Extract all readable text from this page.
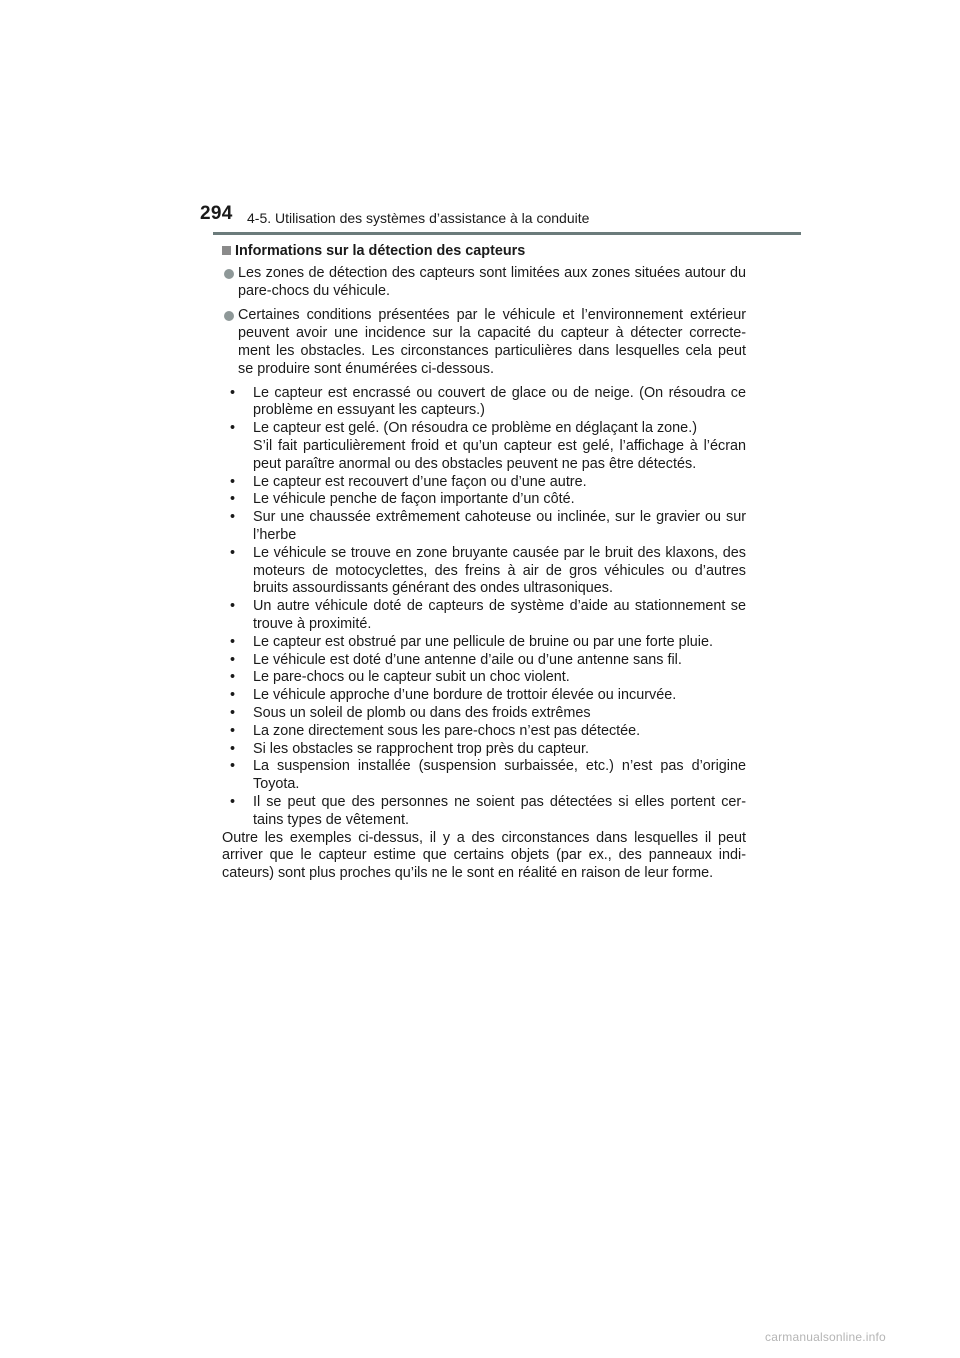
294 4-5. Utilisation des systèmes d’assistance à la conduite
Informations sur la détection des capteurs
Les zones de détection des capteurs sont limitées aux zones situées autour du pare-chocs du véhicule.
Certaines conditions présentées par le véhicule et l’environnement extérieur peuvent avoir une incidence sur la capacité du capteur à détecter correcte-ment les obstacles. Les circonstances particulières dans lesquelles cela peut se produire sont énumérées ci-dessous.
• Le capteur est encrassé ou couvert de glace ou de neige. (On résoudra ce problème en essuyant les capteurs.)
• Le capteur est gelé. (On résoudra ce problème en déglaçant la zone.)
S’il fait particulièrement froid et qu’un capteur est gelé, l’affichage à l’écran peut paraître anormal ou des obstacles peuvent ne pas être détectés.
• Le capteur est recouvert d’une façon ou d’une autre.
• Le véhicule penche de façon importante d’un côté.
• Sur une chaussée extrêmement cahoteuse ou inclinée, sur le gravier ou sur l’herbe
• Le véhicule se trouve en zone bruyante causée par le bruit des klaxons, des moteurs de motocyclettes, des freins à air de gros véhicules ou d’autres bruits assourdissants générant des ondes ultrasoniques.
• Un autre véhicule doté de capteurs de système d’aide au stationnement se trouve à proximité.
• Le capteur est obstrué par une pellicule de bruine ou par une forte pluie.
• Le véhicule est doté d’une antenne d’aile ou d’une antenne sans fil.
• Le pare-chocs ou le capteur subit un choc violent.
• Le véhicule approche d’une bordure de trottoir élevée ou incurvée.
• Sous un soleil de plomb ou dans des froids extrêmes
• La zone directement sous les pare-chocs n’est pas détectée.
• Si les obstacles se rapprochent trop près du capteur.
• La suspension installée (suspension surbaissée, etc.) n’est pas d’origine Toyota.
• Il se peut que des personnes ne soient pas détectées si elles portent cer-tains types de vêtement.
Outre les exemples ci-dessus, il y a des circonstances dans lesquelles il peut arriver que le capteur estime que certains objets (par ex., des panneaux indi-cateurs) sont plus proches qu’ils ne le sont en réalité en raison de leur forme.
carmanualsonline.info
